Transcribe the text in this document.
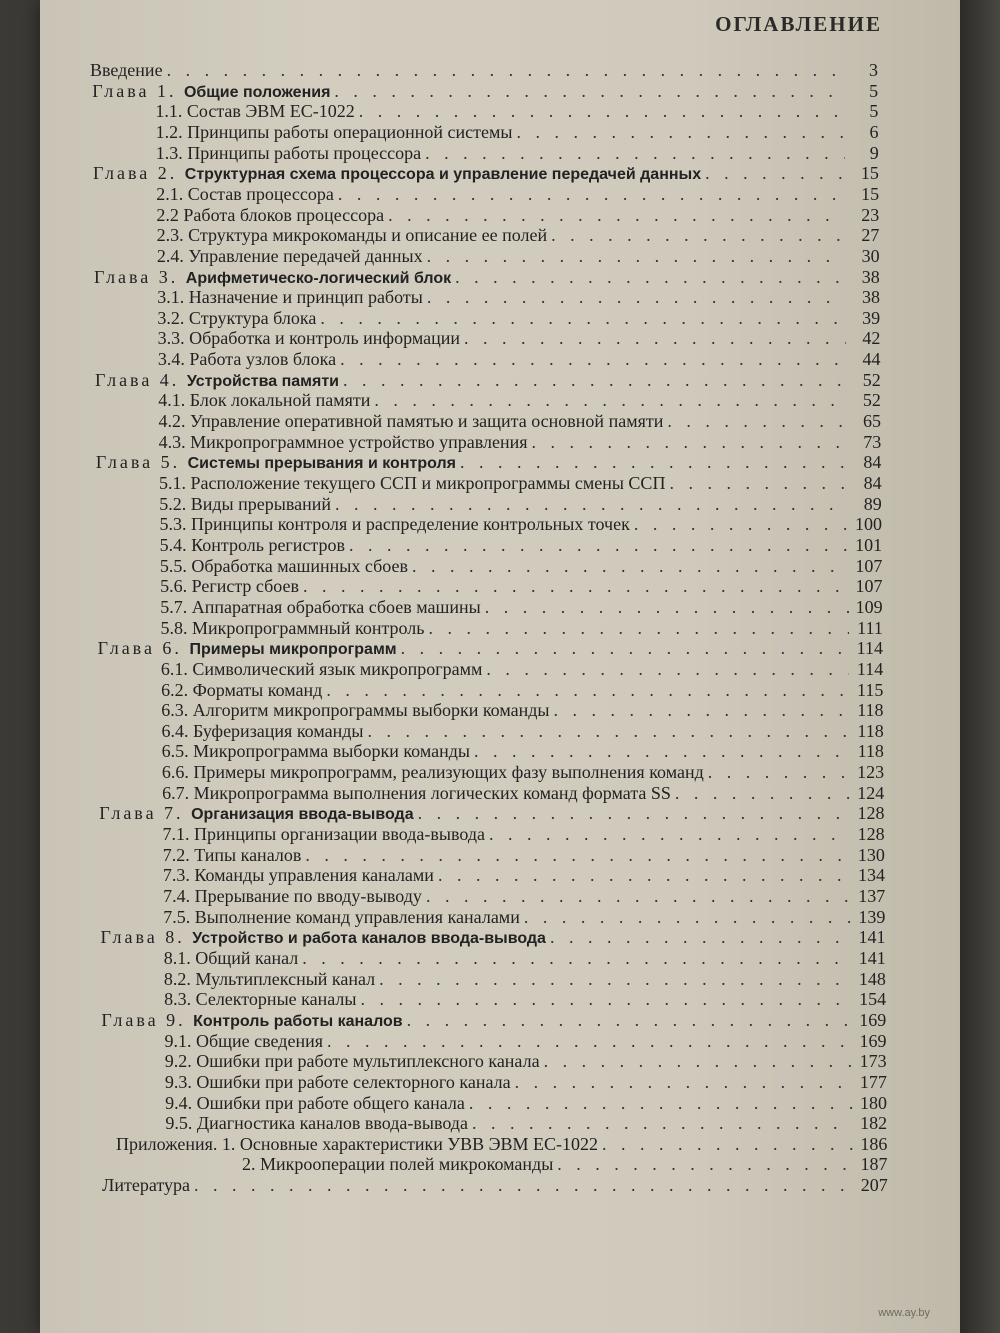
ОГЛАВЛЕНИЕ
Введение . . .	3
Глава 1. Общие положения . . .	5
1.1. Состав ЭВМ ЕС-1022 . . .	5
1.2. Принципы работы операционной системы . . .	6
1.3. Принципы работы процессора . . .	9
Глава 2. Структурная схема процессора и управление передачей данных . . .	15
2.1. Состав процессора . . .	15
2.2 Работа блоков процессора . . .	23
2.3. Структура микрокоманды и описание ее полей . . .	27
2.4. Управление передачей данных . . .	30
Глава 3. Арифметическо-логический блок . . .	38
3.1. Назначение и принцип работы . . .	38
3.2. Структура блока . . .	39
3.3. Обработка и контроль информации . . .	42
3.4. Работа узлов блока . . .	44
Глава 4. Устройства памяти . . .	52
4.1. Блок локальной памяти . . .	52
4.2. Управление оперативной памятью и защита основной памяти . . .	65
4.3. Микропрограммное устройство управления . . .	73
Глава 5. Системы прерывания и контроля . . .	84
5.1. Расположение текущего ССП и микропрограммы смены ССП . . .	84
5.2. Виды прерываний . . .	89
5.3. Принципы контроля и распределение контрольных точек . . .	100
5.4. Контроль регистров . . .	101
5.5. Обработка машинных сбоев . . .	107
5.6. Регистр сбоев . . .	107
5.7. Аппаратная обработка сбоев машины . . .	109
5.8. Микропрограммный контроль . . .	111
Глава 6. Примеры микропрограмм . . .	114
6.1. Символический язык микропрограмм . . .	114
6.2. Форматы команд . . .	115
6.3. Алгоритм микропрограммы выборки команды . . .	118
6.4. Буферизация команды . . .	118
6.5. Микропрограмма выборки команды . . .	118
6.6. Примеры микропрограмм, реализующих фазу выполнения команд . . .	123
6.7. Микропрограмма выполнения логических команд формата SS . . .	124
Глава 7. Организация ввода-вывода . . .	128
7.1. Принципы организации ввода-вывода . . .	128
7.2. Типы каналов . . .	130
7.3. Команды управления каналами . . .	134
7.4. Прерывание по вводу-выводу . . .	137
7.5. Выполнение команд управления каналами . . .	139
Глава 8. Устройство и работа каналов ввода-вывода . . .	141
8.1. Общий канал . . .	141
8.2. Мультиплексный канал . . .	148
8.3. Селекторные каналы . . .	154
Глава 9. Контроль работы каналов . . .	169
9.1. Общие сведения . . .	169
9.2. Ошибки при работе мультиплексного канала . . .	173
9.3. Ошибки при работе селекторного канала . . .	177
9.4. Ошибки при работе общего канала . . .	180
9.5. Диагностика каналов ввода-вывода . . .	182
Приложения. 1. Основные характеристики УВВ ЭВМ ЕС-1022 . . .	186
2. Микрооперации полей микрокоманды . . .	187
Литература . . .	207
www.ay.by
